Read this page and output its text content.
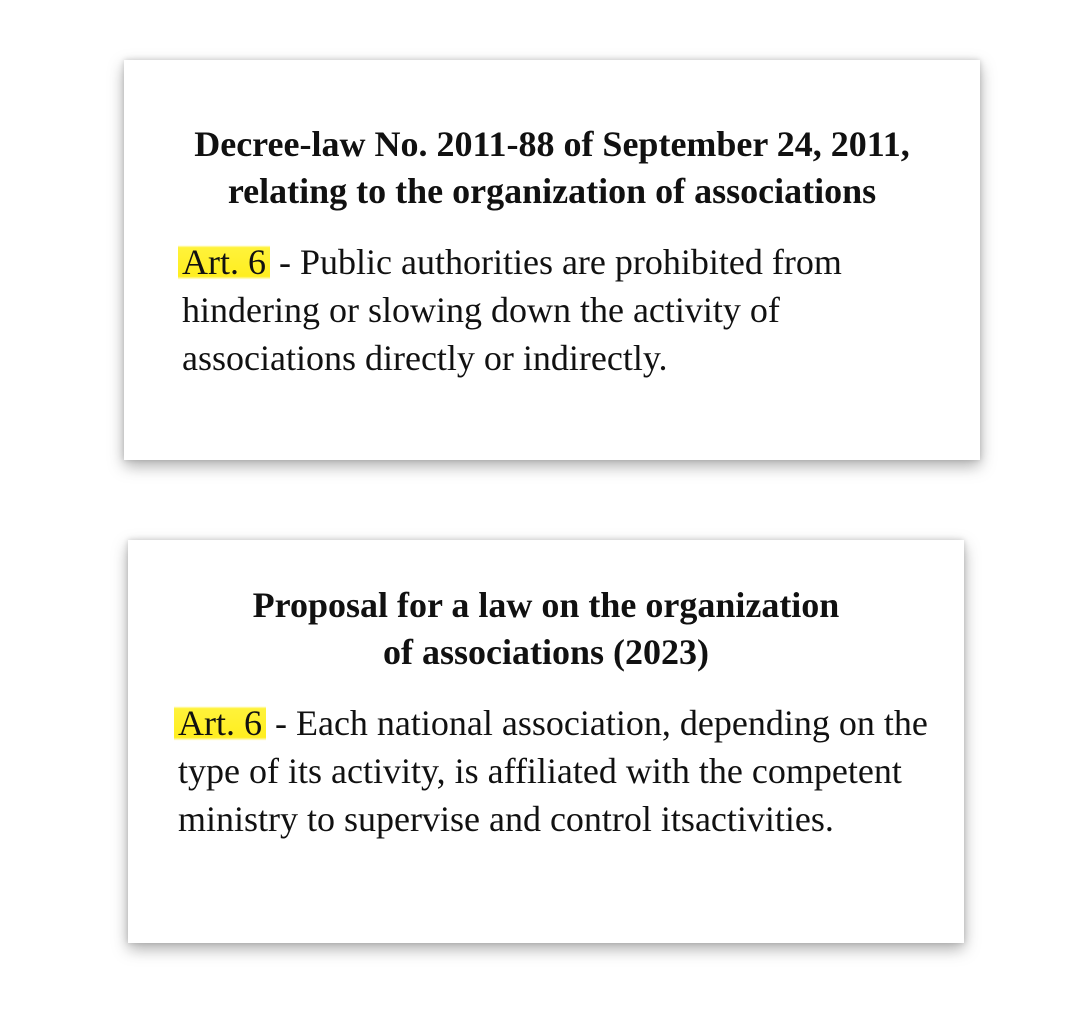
Decree-law No. 2011-88 of September 24, 2011,
relating to the organization of associations

Art. 6 - Public authorities are prohibited from hindering or slowing down the activity of associations directly or indirectly.

Proposal for a law on the organization
of associations (2023)

Art. 6 - Each national association, depending on the type of its activity, is affiliated with the competent ministry to supervise and control itsactivities.
